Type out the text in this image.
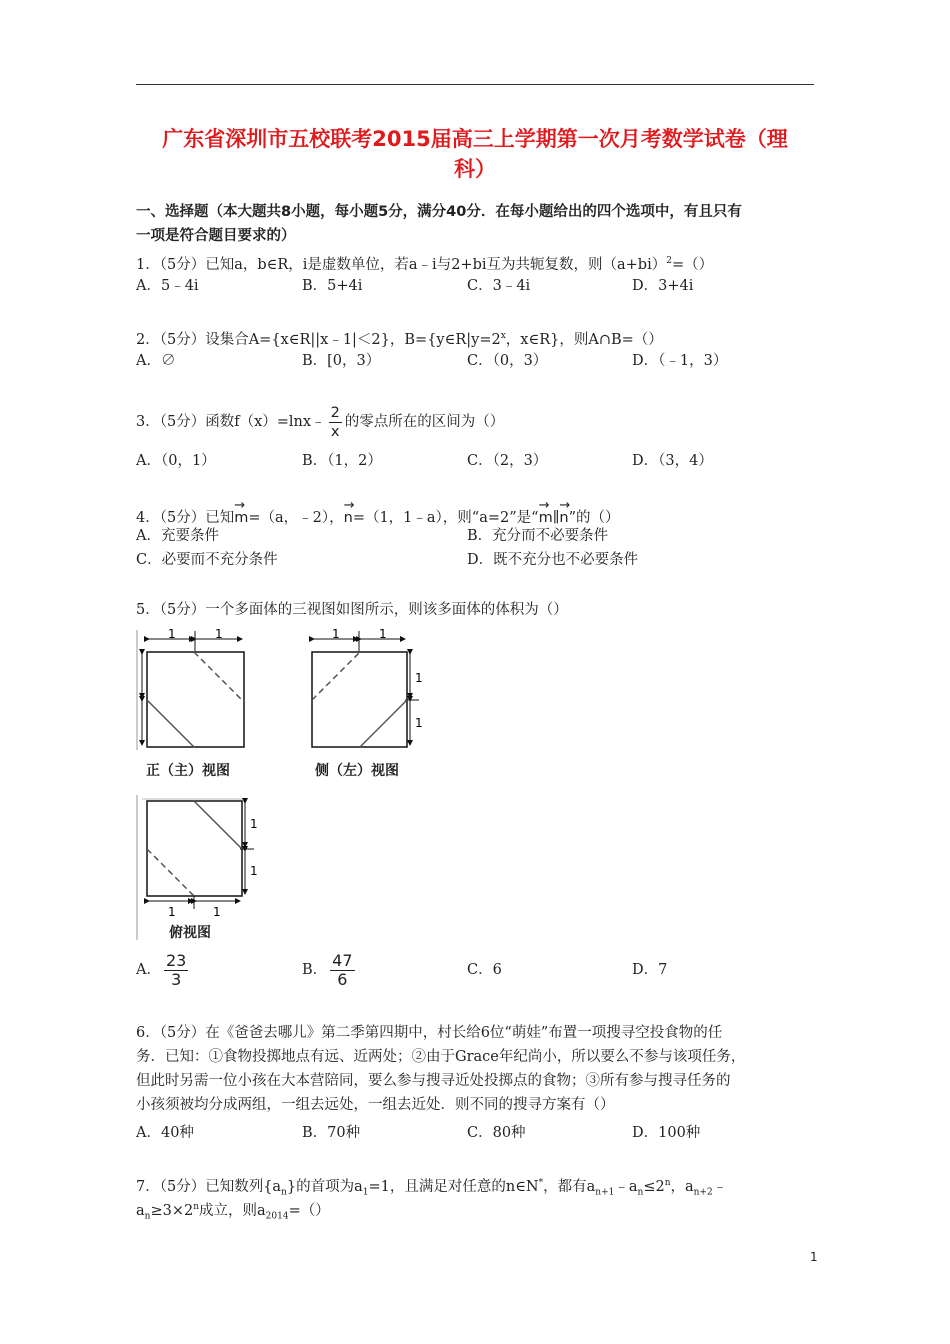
广东省深圳市五校联考2015届高三上学期第一次月考数学试卷（理
科）
一、选择题（本大题共8小题，每小题5分，满分40分．在每小题给出的四个选项中，有且只有
一项是符合题目要求的）
1．（5分）已知a，b∈R，i是虚数单位，若a﹣i与2+bi互为共轭复数，则$(a+bi)^2=()$
A．5﹣4i	B．5+4i	C．3﹣4i	D．3+4i
2．（5分）设集合A={x∈R||x﹣1|＜2}，$B=\{y\in R|y=2^x$，x∈R}，则A∩B=（）
A．∅	B．[0，3）	C．（0，3）	D．（﹣1，3）
3．（5分）函数f（x）=lnx﹣ $\frac{2}{x}$ 的零点所在的区间为（）
A．（0，1）	B．（1，2）	C．（2，3）	D．（3，4）
4．（5分）已知→ m=（a，﹣2），→ n=（1，1﹣a），则“a=2”是“→ m∥→ n”的（）
A．充要条件	B．充分而不必要条件
C．必要而不充分条件	D．既不充分也不必要条件
5．（5分）一个多面体的三视图如图所示，则该多面体的体积为（）
1	1	1	1
1
1
1
1
1	1
正（主）视图	侧（左）视图
俯视图
A． $\frac{23}{3}$	B． $\frac{47}{6}$	C．6	D．7
6．（5分）在《爸爸去哪儿》第二季第四期中，村长给6位“萌娃”布置一项搜寻空投食物的任
务．已知：①食物投掷地点有远、近两处；②由于Grace年纪尚小，所以要么不参与该项任务，
但此时另需一位小孩在大本营陪同，要么参与搜寻近处投掷点的食物；③所有参与搜寻任务的
小孩须被均分成两组，一组去远处，一组去近处．则不同的搜寻方案有（）
A．40种	B．70种	C．80种	D．100种
7．（5分）已知数列$\{a_n\}$的首项为$a_1=1$，且满足对任意的n∈N*，都有$a_{n+1}﹣a_n\le 2^n$，$a_{n+2}﹣$
$a_n\ge 3\times 2^n$成立，则$a_{2014}=()$
1
